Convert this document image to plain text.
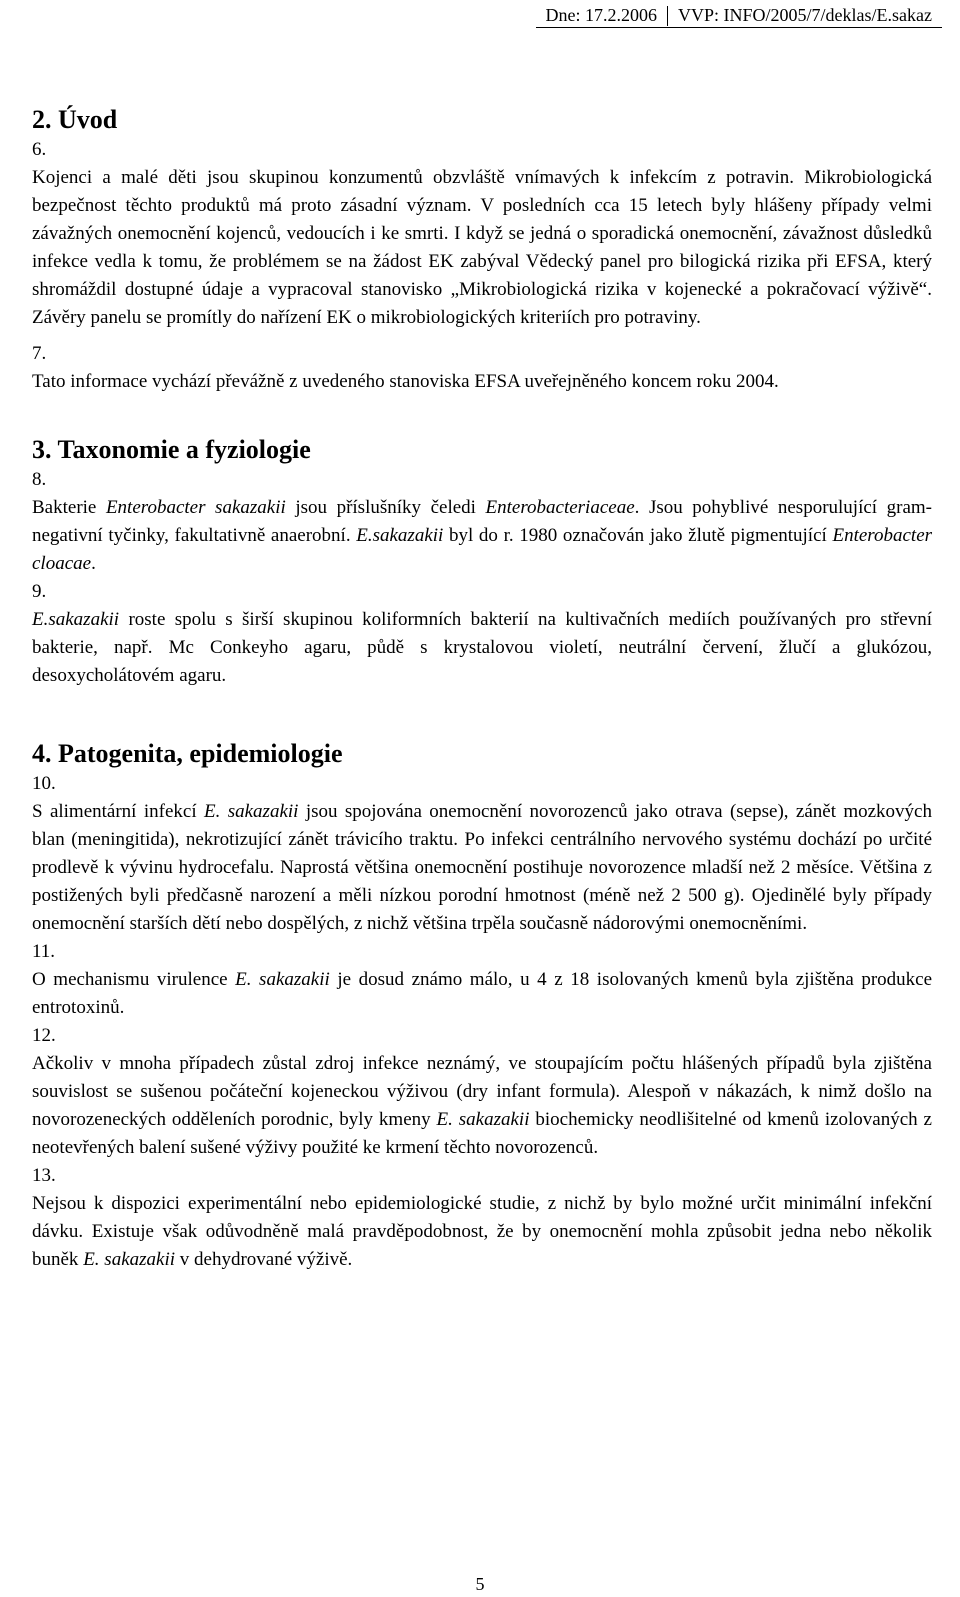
Dne: 17.2.2006	VVP: INFO/2005/7/deklas/E.sakaz
2. Úvod
6.

Kojenci a malé děti jsou skupinou konzumentů obzvláště vnímavých k infekcím z potravin. Mikrobiologická bezpečnost těchto produktů má proto zásadní význam. V posledních cca 15 letech byly hlášeny případy velmi závažných onemocnění kojenců, vedoucích i ke smrti. I když se jedná o sporadická onemocnění, závažnost důsledků infekce vedla k tomu, že problémem se na žádost EK zabýval Vědecký panel pro bilogická rizika při EFSA, který shromáždil dostupné údaje a vypracoval stanovisko „Mikrobiologická rizika v kojenecké a pokračovací výživě“. Závěry panelu se promítly do nařízení EK o mikrobiologických kriteriích pro potraviny.

7.

Tato informace vychází převážně z uvedeného stanoviska EFSA uveřejněného koncem roku 2004.

3. Taxonomie a fyziologie
8.

Bakterie Enterobacter sakazakii jsou příslušníky čeledi Enterobacteriaceae. Jsou pohyblivé nesporulující gram-negativní tyčinky, fakultativně anaerobní. E.sakazakii byl do r. 1980 označován jako žlutě pigmentující Enterobacter cloacae.

9.

E.sakazakii roste spolu s širší skupinou koliformních bakterií na kultivačních mediích používaných pro střevní bakterie, např. Mc Conkeyho agaru, půdě s krystalovou violetí, neutrální červení, žlučí a glukózou, desoxycholátovém agaru.

4. Patogenita, epidemiologie
10.

S alimentární infekcí E. sakazakii jsou spojována onemocnění novorozenců jako otrava (sepse), zánět mozkových blan (meningitida), nekrotizující zánět trávicího traktu. Po infekci centrálního nervového systému dochází po určité prodlevě k vývinu hydrocefalu. Naprostá většina onemocnění postihuje novorozence mladší než 2 měsíce. Většina z postižených byli předčasně narození a měli nízkou porodní hmotnost (méně než 2 500 g). Ojedinělé byly případy onemocnění starších dětí nebo dospělých, z nichž většina trpěla současně nádorovými onemocněními.

11.

O mechanismu virulence E. sakazakii je dosud známo málo, u 4 z 18 isolovaných kmenů byla zjištěna produkce entrotoxinů.

12.

Ačkoliv v mnoha případech zůstal zdroj infekce neznámý, ve stoupajícím počtu hlášených případů byla zjištěna souvislost se sušenou počáteční kojeneckou výživou (dry infant formula). Alespoň v nákazách, k nimž došlo na novorozeneckých odděleních porodnic, byly kmeny E. sakazakii biochemicky neodlišitelné od kmenů izolovaných z neotevřených balení sušené výživy použité ke krmení těchto novorozenců.

13.

Nejsou k dispozici experimentální nebo epidemiologické studie, z nichž by bylo možné určit minimální infekční dávku. Existuje však odůvodněně malá pravděpodobnost, že by onemocnění mohla způsobit jedna nebo několik buněk E. sakazakii v dehydrované výživě.

5
